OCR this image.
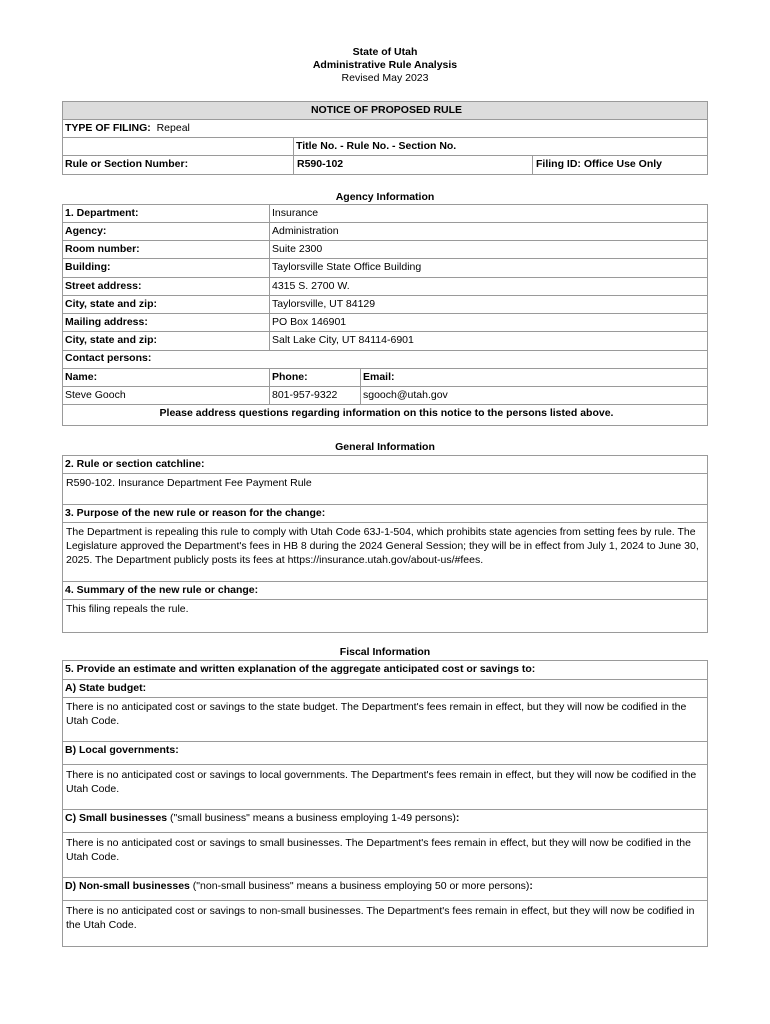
State of Utah
Administrative Rule Analysis
Revised May 2023
NOTICE OF PROPOSED RULE
TYPE OF FILING: Repeal
Title No. - Rule No. - Section No.
Rule or Section Number:	R590-102	Filing ID: Office Use Only
Agency Information
1. Department:	Insurance
Agency:	Administration
Room number:	Suite 2300
Building:	Taylorsville State Office Building
Street address:	4315 S. 2700 W.
City, state and zip:	Taylorsville, UT 84129
Mailing address:	PO Box 146901
City, state and zip:	Salt Lake City, UT 84114-6901
Contact persons:
Name:	Phone:	Email:
Steve Gooch	801-957-9322 sgooch@utah.gov
Please address questions regarding information on this notice to the persons listed above.
General Information
2. Rule or section catchline:
R590-102. Insurance Department Fee Payment Rule
3. Purpose of the new rule or reason for the change:
The Department is repealing this rule to comply with Utah Code 63J-1-504, which prohibits state agencies from setting fees by rule. The Legislature approved the Department's fees in HB 8 during the 2024 General Session; they will be in effect from July 1, 2024 to June 30, 2025. The Department publicly posts its fees at https://insurance.utah.gov/about-us/#fees.
4. Summary of the new rule or change:
This filing repeals the rule.
Fiscal Information
5. Provide an estimate and written explanation of the aggregate anticipated cost or savings to:
A) State budget:
There is no anticipated cost or savings to the state budget. The Department's fees remain in effect, but they will now be codified in the Utah Code.
B) Local governments:
There is no anticipated cost or savings to local governments. The Department's fees remain in effect, but they will now be codified in the Utah Code.
C) Small businesses ("small business" means a business employing 1-49 persons):
There is no anticipated cost or savings to small businesses. The Department's fees remain in effect, but they will now be codified in the Utah Code.
D) Non-small businesses ("non-small business" means a business employing 50 or more persons):
There is no anticipated cost or savings to non-small businesses. The Department's fees remain in effect, but they will now be codified in the Utah Code.
